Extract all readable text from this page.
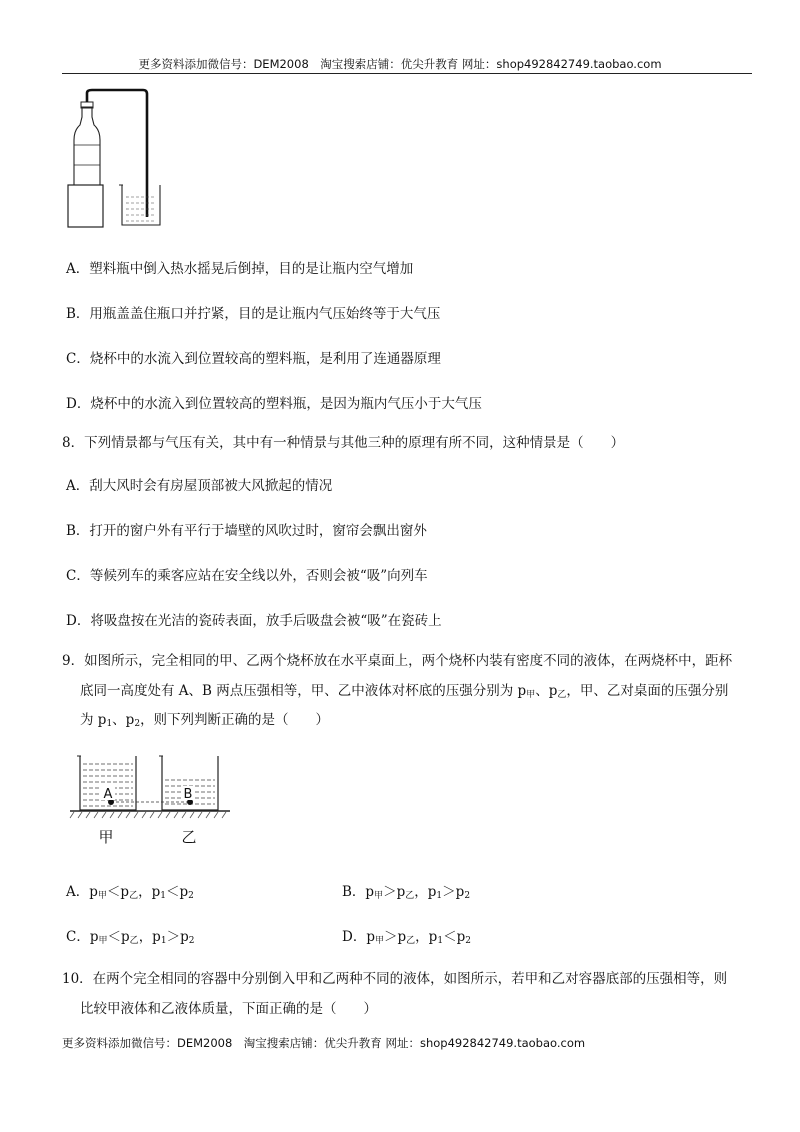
更多资料添加微信号：DEM2008　淘宝搜索店铺：优尖升教育 网址：shop492842749.taobao.com
A．塑料瓶中倒入热水摇晃后倒掉，目的是让瓶内空气增加
B．用瓶盖盖住瓶口并拧紧，目的是让瓶内气压始终等于大气压
C．烧杯中的水流入到位置较高的塑料瓶，是利用了连通器原理
D．烧杯中的水流入到位置较高的塑料瓶，是因为瓶内气压小于大气压
8．下列情景都与气压有关，其中有一种情景与其他三种的原理有所不同，这种情景是（　　）
A．刮大风时会有房屋顶部被大风掀起的情况
B．打开的窗户外有平行于墙壁的风吹过时，窗帘会飘出窗外
C．等候列车的乘客应站在安全线以外，否则会被“吸”向列车
D．将吸盘按在光洁的瓷砖表面，放手后吸盘会被“吸”在瓷砖上
9．如图所示，完全相同的甲、乙两个烧杯放在水平桌面上，两个烧杯内装有密度不同的液体，在两烧杯中，距杯
底同一高度处有 A、B 两点压强相等，甲、乙中液体对杯底的压强分别为 $p_甲$、$p_乙$，甲、乙对桌面的压强分别
为 $p_1$、$p_2$，则下列判断正确的是（　　）
A	B
甲	乙
A．$p_甲<p_乙$，$p_1<p_2$	B．$p_甲>p_乙$，$p_1>p_2$
C．$p_甲<p_乙$，$p_1>p_2$	D．$p_甲>p_乙$，$p_1<p_2$
10．在两个完全相同的容器中分别倒入甲和乙两种不同的液体，如图所示，若甲和乙对容器底部的压强相等，则
比较甲液体和乙液体质量，下面正确的是（　　）
更多资料添加微信号：DEM2008　淘宝搜索店铺：优尖升教育 网址：shop492842749.taobao.com
